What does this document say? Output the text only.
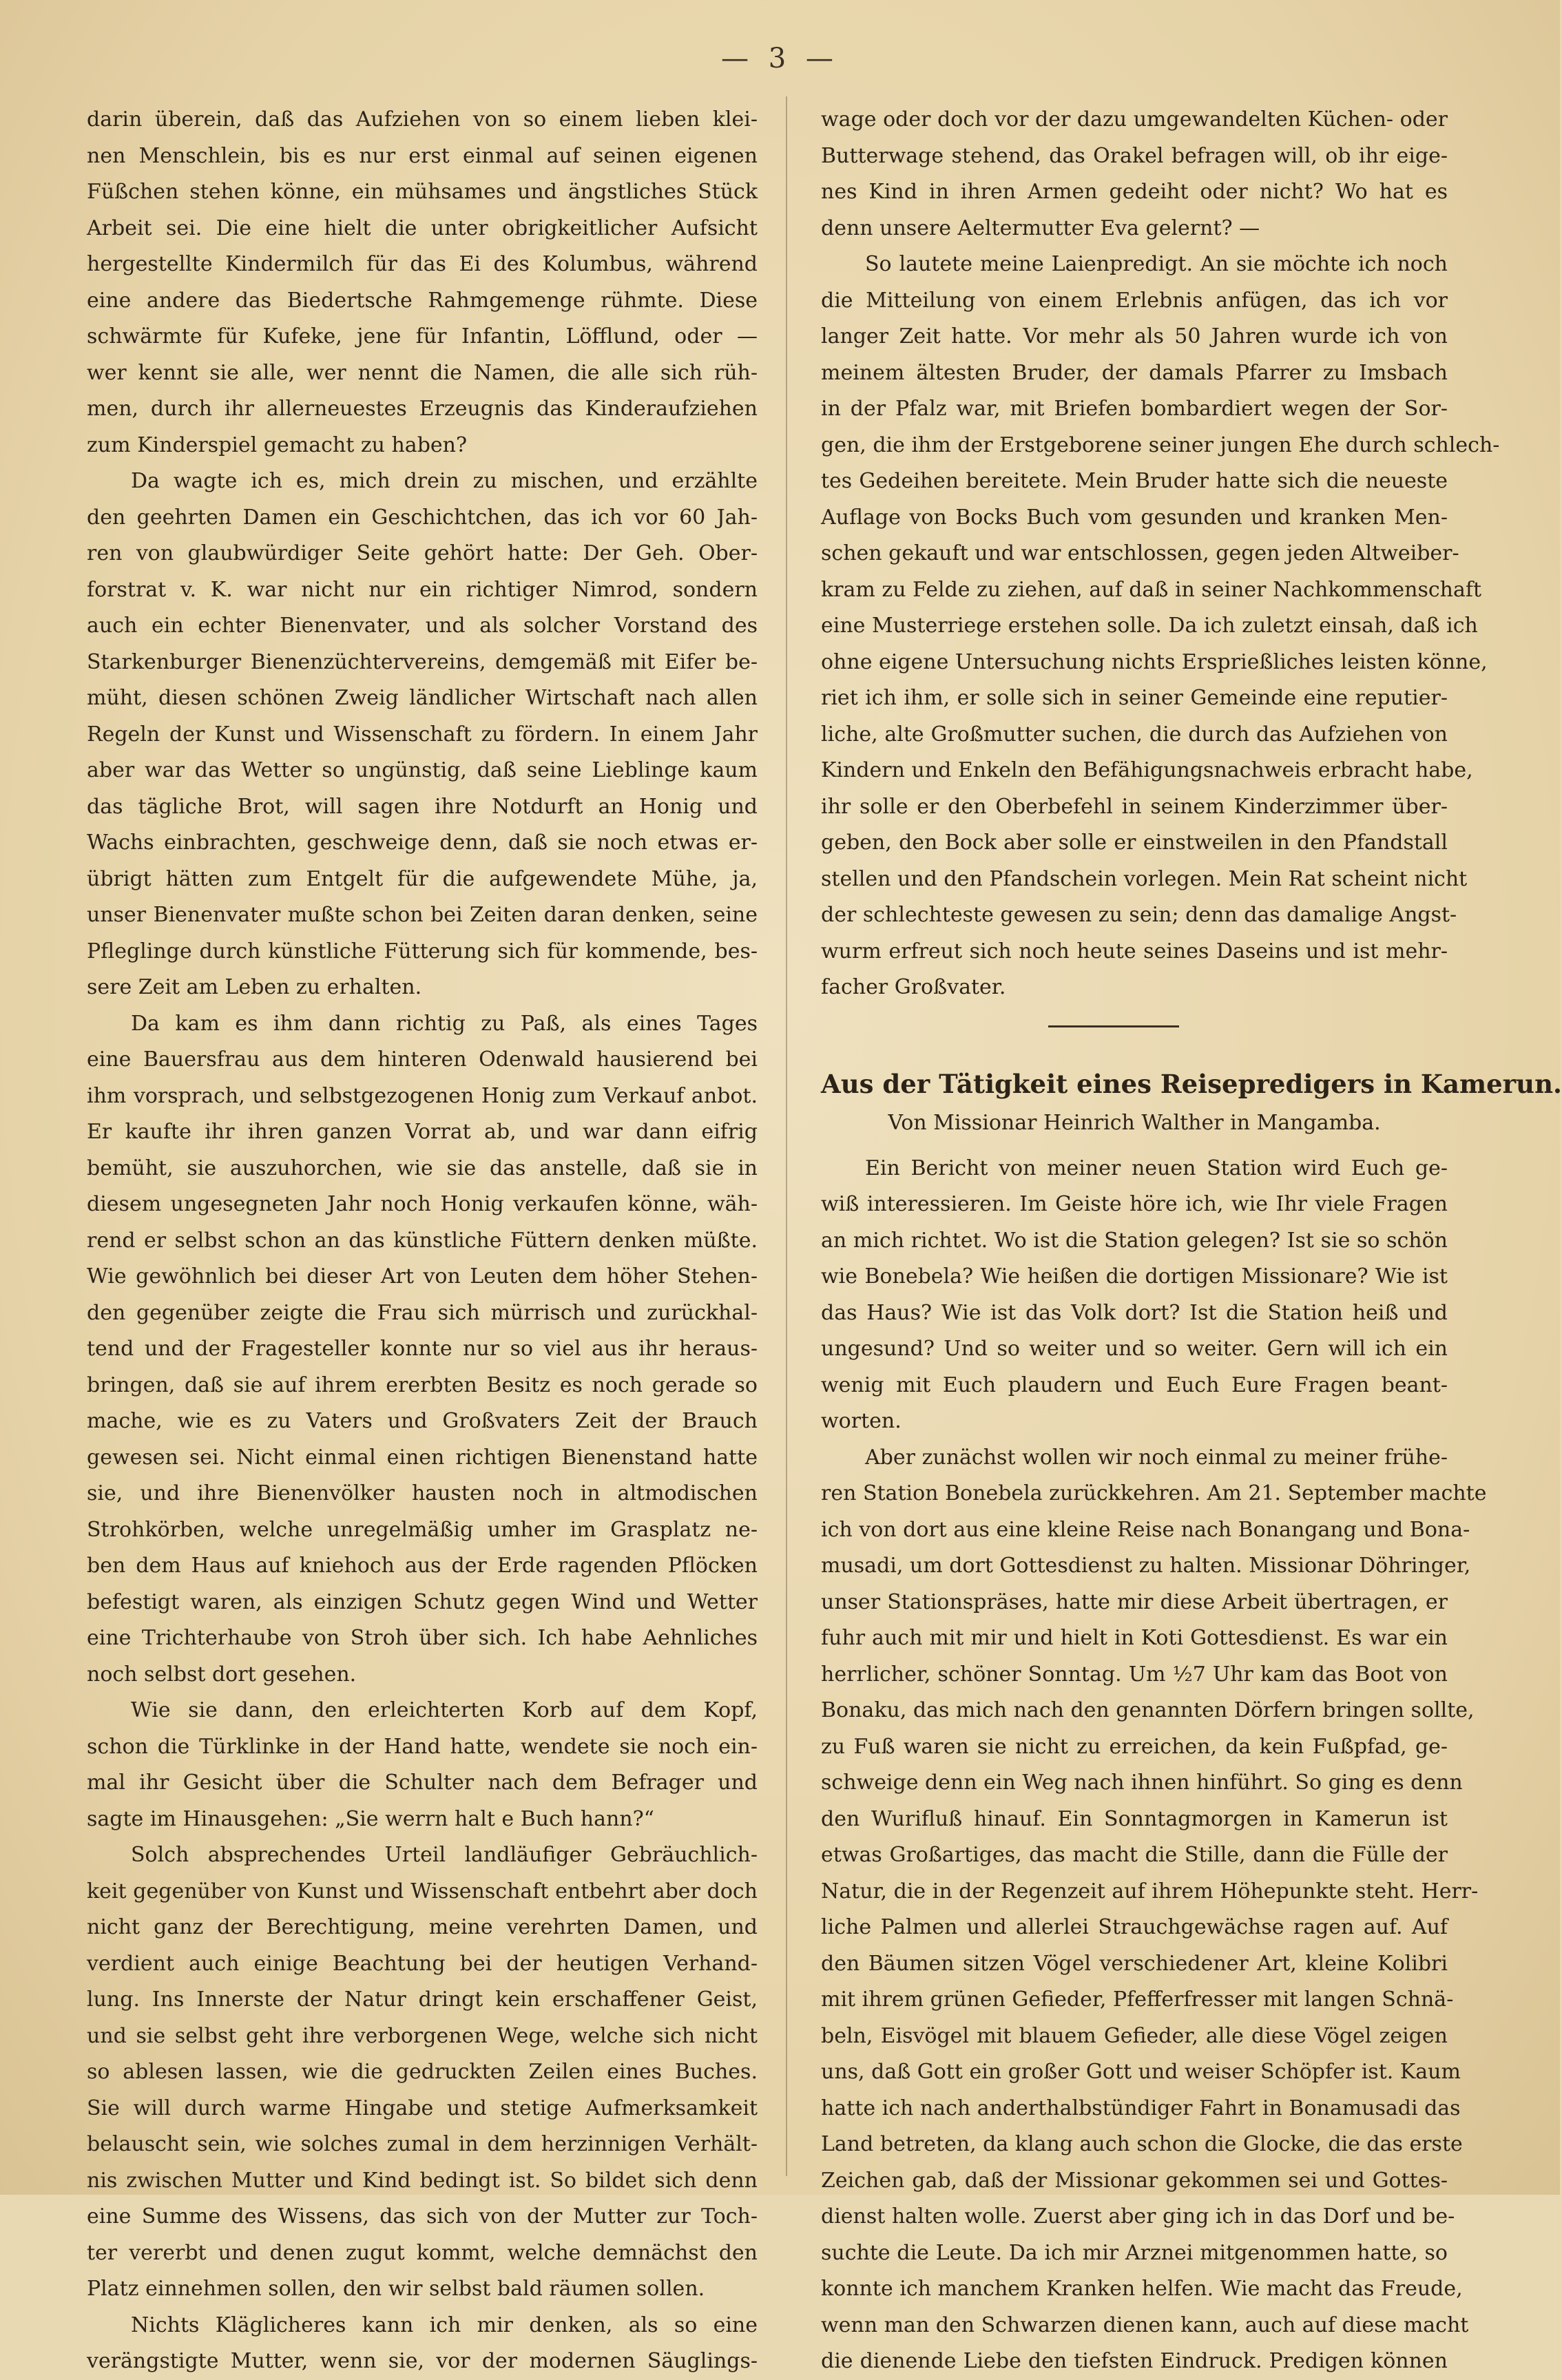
— 3 —
darin überein, daß das Aufziehen von so einem lieben klei-
nen Menschlein, bis es nur erst einmal auf seinen eigenen
Füßchen stehen könne, ein mühsames und ängstliches Stück
Arbeit sei. Die eine hielt die unter obrigkeitlicher Aufsicht
hergestellte Kindermilch für das Ei des Kolumbus, während
eine andere das Biedertsche Rahmgemenge rühmte. Diese
schwärmte für Kufeke, jene für Infantin, Löfflund, oder —
wer kennt sie alle, wer nennt die Namen, die alle sich rüh-
men, durch ihr allerneuestes Erzeugnis das Kinderaufziehen
zum Kinderspiel gemacht zu haben?
Da wagte ich es, mich drein zu mischen, und erzählte
den geehrten Damen ein Geschichtchen, das ich vor 60 Jah-
ren von glaubwürdiger Seite gehört hatte: Der Geh. Ober-
forstrat v. K. war nicht nur ein richtiger Nimrod, sondern
auch ein echter Bienenvater, und als solcher Vorstand des
Starkenburger Bienenzüchtervereins, demgemäß mit Eifer be-
müht, diesen schönen Zweig ländlicher Wirtschaft nach allen
Regeln der Kunst und Wissenschaft zu fördern. In einem Jahr
aber war das Wetter so ungünstig, daß seine Lieblinge kaum
das tägliche Brot, will sagen ihre Notdurft an Honig und
Wachs einbrachten, geschweige denn, daß sie noch etwas er-
übrigt hätten zum Entgelt für die aufgewendete Mühe, ja,
unser Bienenvater mußte schon bei Zeiten daran denken, seine
Pfleglinge durch künstliche Fütterung sich für kommende, bes-
sere Zeit am Leben zu erhalten.
Da kam es ihm dann richtig zu Paß, als eines Tages
eine Bauersfrau aus dem hinteren Odenwald hausierend bei
ihm vorsprach, und selbstgezogenen Honig zum Verkauf anbot.
Er kaufte ihr ihren ganzen Vorrat ab, und war dann eifrig
bemüht, sie auszuhorchen, wie sie das anstelle, daß sie in
diesem ungesegneten Jahr noch Honig verkaufen könne, wäh-
rend er selbst schon an das künstliche Füttern denken müßte.
Wie gewöhnlich bei dieser Art von Leuten dem höher Stehen-
den gegenüber zeigte die Frau sich mürrisch und zurückhal-
tend und der Fragesteller konnte nur so viel aus ihr heraus-
bringen, daß sie auf ihrem ererbten Besitz es noch gerade so
mache, wie es zu Vaters und Großvaters Zeit der Brauch
gewesen sei. Nicht einmal einen richtigen Bienenstand hatte
sie, und ihre Bienenvölker hausten noch in altmodischen
Strohkörben, welche unregelmäßig umher im Grasplatz ne-
ben dem Haus auf kniehoch aus der Erde ragenden Pflöcken
befestigt waren, als einzigen Schutz gegen Wind und Wetter
eine Trichterhaube von Stroh über sich. Ich habe Aehnliches
noch selbst dort gesehen.
Wie sie dann, den erleichterten Korb auf dem Kopf,
schon die Türklinke in der Hand hatte, wendete sie noch ein-
mal ihr Gesicht über die Schulter nach dem Befrager und
sagte im Hinausgehen: „Sie werrn halt e Buch hann?“
Solch absprechendes Urteil landläufiger Gebräuchlich-
keit gegenüber von Kunst und Wissenschaft entbehrt aber doch
nicht ganz der Berechtigung, meine verehrten Damen, und
verdient auch einige Beachtung bei der heutigen Verhand-
lung. Ins Innerste der Natur dringt kein erschaffener Geist,
und sie selbst geht ihre verborgenen Wege, welche sich nicht
so ablesen lassen, wie die gedruckten Zeilen eines Buches.
Sie will durch warme Hingabe und stetige Aufmerksamkeit
belauscht sein, wie solches zumal in dem herzinnigen Verhält-
nis zwischen Mutter und Kind bedingt ist. So bildet sich denn
eine Summe des Wissens, das sich von der Mutter zur Toch-
ter vererbt und denen zugut kommt, welche demnächst den
Platz einnehmen sollen, den wir selbst bald räumen sollen.
Nichts Kläglicheres kann ich mir denken, als so eine
verängstigte Mutter, wenn sie, vor der modernen Säuglings-
wage oder doch vor der dazu umgewandelten Küchen- oder
Butterwage stehend, das Orakel befragen will, ob ihr eige-
nes Kind in ihren Armen gedeiht oder nicht? Wo hat es
denn unsere Aeltermutter Eva gelernt? —
So lautete meine Laienpredigt. An sie möchte ich noch
die Mitteilung von einem Erlebnis anfügen, das ich vor
langer Zeit hatte. Vor mehr als 50 Jahren wurde ich von
meinem ältesten Bruder, der damals Pfarrer zu Imsbach
in der Pfalz war, mit Briefen bombardiert wegen der Sor-
gen, die ihm der Erstgeborene seiner jungen Ehe durch schlech-
tes Gedeihen bereitete. Mein Bruder hatte sich die neueste
Auflage von Bocks Buch vom gesunden und kranken Men-
schen gekauft und war entschlossen, gegen jeden Altweiber-
kram zu Felde zu ziehen, auf daß in seiner Nachkommenschaft
eine Musterriege erstehen solle. Da ich zuletzt einsah, daß ich
ohne eigene Untersuchung nichts Ersprießliches leisten könne,
riet ich ihm, er solle sich in seiner Gemeinde eine reputier-
liche, alte Großmutter suchen, die durch das Aufziehen von
Kindern und Enkeln den Befähigungsnachweis erbracht habe,
ihr solle er den Oberbefehl in seinem Kinderzimmer über-
geben, den Bock aber solle er einstweilen in den Pfandstall
stellen und den Pfandschein vorlegen. Mein Rat scheint nicht
der schlechteste gewesen zu sein; denn das damalige Angst-
wurm erfreut sich noch heute seines Daseins und ist mehr-
facher Großvater.
Aus der Tätigkeit eines Reisepredigers in Kamerun.
Von Missionar Heinrich Walther in Mangamba.
Ein Bericht von meiner neuen Station wird Euch ge-
wiß interessieren. Im Geiste höre ich, wie Ihr viele Fragen
an mich richtet. Wo ist die Station gelegen? Ist sie so schön
wie Bonebela? Wie heißen die dortigen Missionare? Wie ist
das Haus? Wie ist das Volk dort? Ist die Station heiß und
ungesund? Und so weiter und so weiter. Gern will ich ein
wenig mit Euch plaudern und Euch Eure Fragen beant-
worten.
Aber zunächst wollen wir noch einmal zu meiner frühe-
ren Station Bonebela zurückkehren. Am 21. September machte
ich von dort aus eine kleine Reise nach Bonangang und Bona-
musadi, um dort Gottesdienst zu halten. Missionar Döhringer,
unser Stationspräses, hatte mir diese Arbeit übertragen, er
fuhr auch mit mir und hielt in Koti Gottesdienst. Es war ein
herrlicher, schöner Sonntag. Um ½7 Uhr kam das Boot von
Bonaku, das mich nach den genannten Dörfern bringen sollte,
zu Fuß waren sie nicht zu erreichen, da kein Fußpfad, ge-
schweige denn ein Weg nach ihnen hinführt. So ging es denn
den Wurifluß hinauf. Ein Sonntagmorgen in Kamerun ist
etwas Großartiges, das macht die Stille, dann die Fülle der
Natur, die in der Regenzeit auf ihrem Höhepunkte steht. Herr-
liche Palmen und allerlei Strauchgewächse ragen auf. Auf
den Bäumen sitzen Vögel verschiedener Art, kleine Kolibri
mit ihrem grünen Gefieder, Pfefferfresser mit langen Schnä-
beln, Eisvögel mit blauem Gefieder, alle diese Vögel zeigen
uns, daß Gott ein großer Gott und weiser Schöpfer ist. Kaum
hatte ich nach anderthalbstündiger Fahrt in Bonamusadi das
Land betreten, da klang auch schon die Glocke, die das erste
Zeichen gab, daß der Missionar gekommen sei und Gottes-
dienst halten wolle. Zuerst aber ging ich in das Dorf und be-
suchte die Leute. Da ich mir Arznei mitgenommen hatte, so
konnte ich manchem Kranken helfen. Wie macht das Freude,
wenn man den Schwarzen dienen kann, auch auf diese macht
die dienende Liebe den tiefsten Eindruck. Predigen können
